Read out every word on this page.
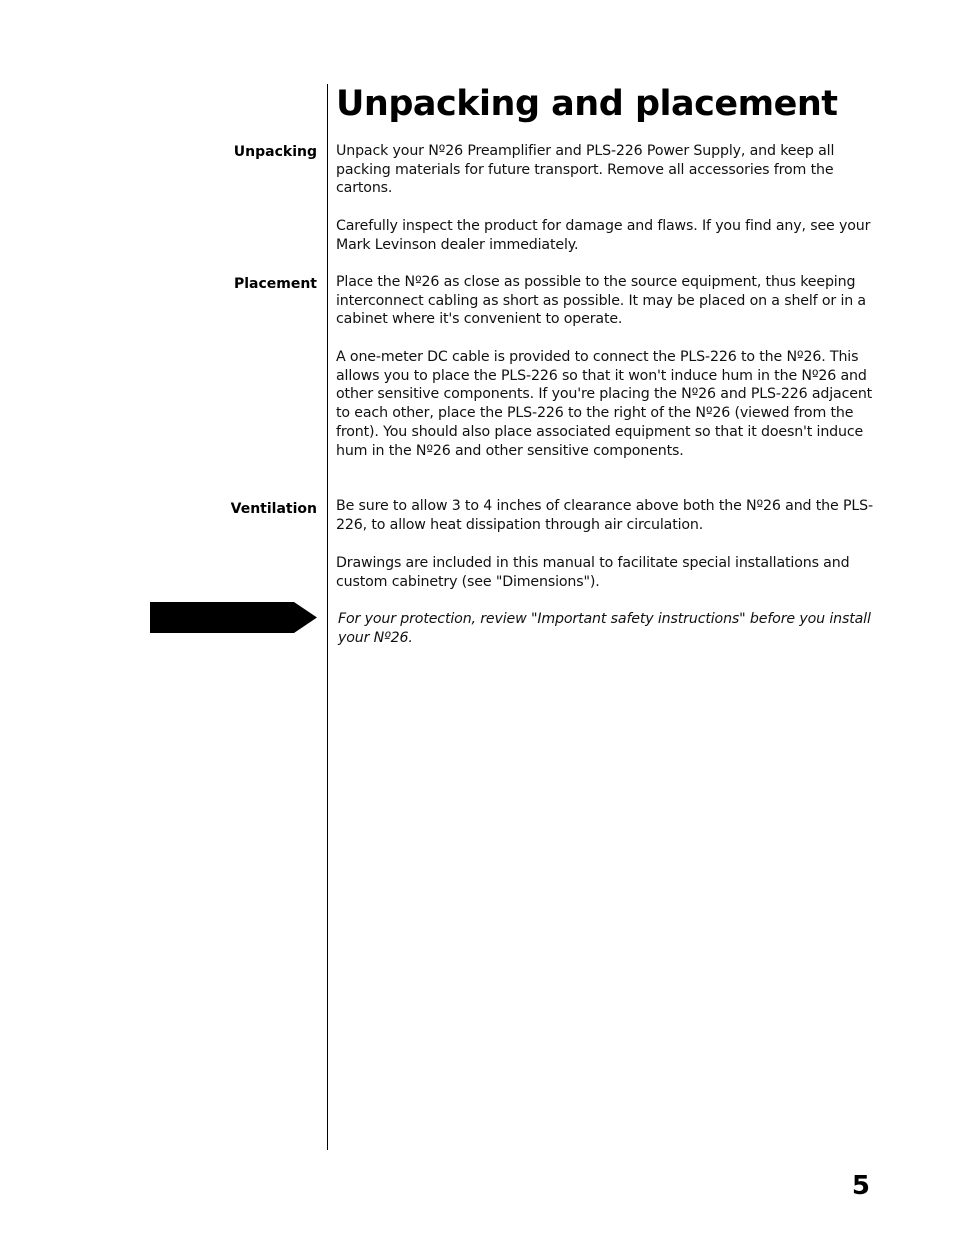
Unpacking and placement
Unpacking Unpack your Nº26 Preamplifier and PLS-226 Power Supply, and keep all packing materials for future transport. Remove all accessories from the cartons.

Carefully inspect the product for damage and flaws. If you find any, see your Mark Levinson dealer immediately.

Placement Place the Nº26 as close as possible to the source equipment, thus keeping interconnect cabling as short as possible. It may be placed on a shelf or in a cabinet where it's convenient to operate.

A one-meter DC cable is provided to connect the PLS-226 to the Nº26. This allows you to place the PLS-226 so that it won't induce hum in the Nº26 and other sensitive components. If you're placing the Nº26 and PLS-226 adjacent to each other, place the PLS-226 to the right of the Nº26 (viewed from the front). You should also place associated equipment so that it doesn't induce hum in the Nº26 and other sensitive components.

Ventilation Be sure to allow 3 to 4 inches of clearance above both the Nº26 and the PLS-226, to allow heat dissipation through air circulation.

Drawings are included in this manual to facilitate special installations and custom cabinetry (see "Dimensions").

For your protection, review "Important safety instructions" before you install your Nº26.

5
